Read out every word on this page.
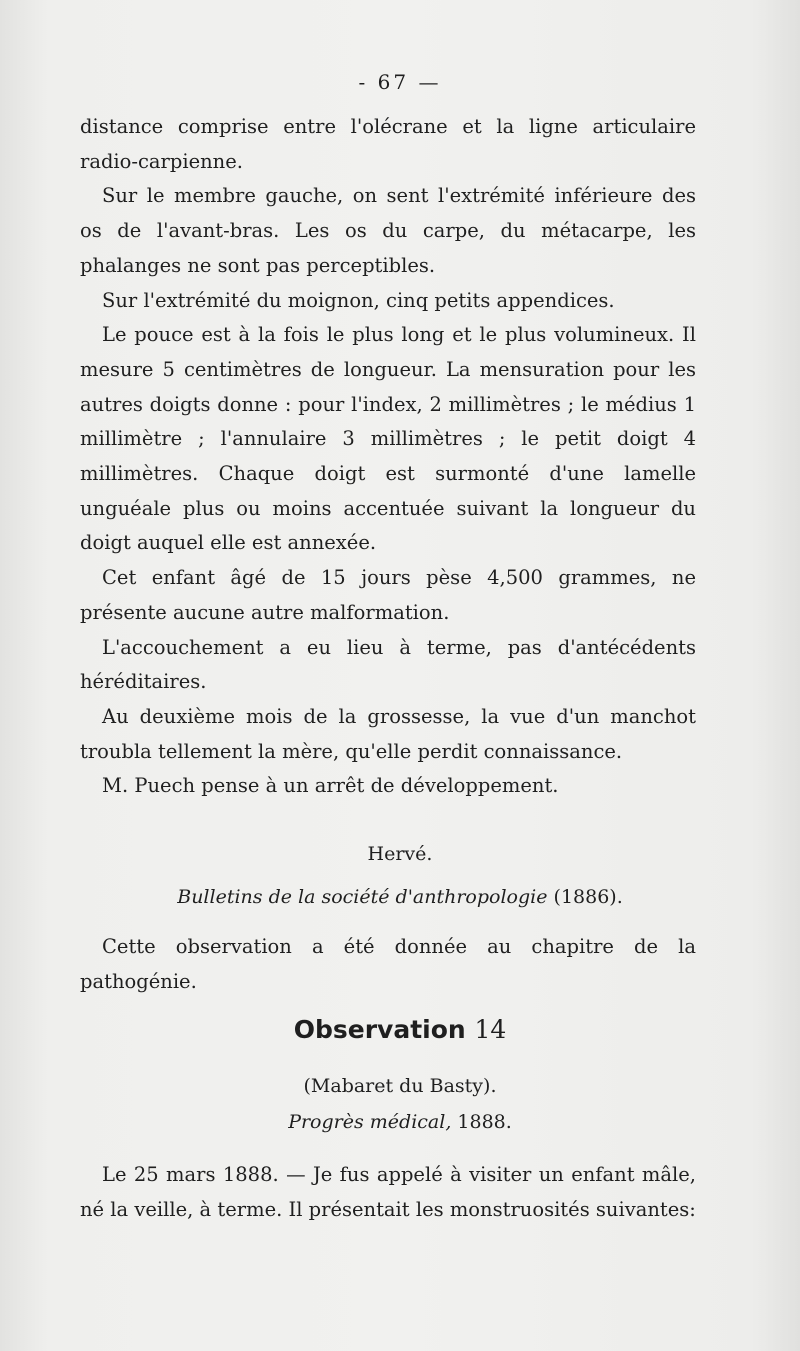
- 67 —

distance comprise entre l'olécrane et la ligne articulaire radio-carpienne.

Sur le membre gauche, on sent l'extrémité inférieure des os de l'avant-bras. Les os du carpe, du métacarpe, les phalanges ne sont pas perceptibles.

Sur l'extrémité du moignon, cinq petits appendices.

Le pouce est à la fois le plus long et le plus volumineux. Il mesure 5 centimètres de longueur. La mensuration pour les autres doigts donne : pour l'index, 2 millimètres ; le médius 1 millimètre ; l'annulaire 3 millimètres ; le petit doigt 4 millimètres. Chaque doigt est surmonté d'une lamelle unguéale plus ou moins accentuée suivant la longueur du doigt auquel elle est annexée.

Cet enfant âgé de 15 jours pèse 4,500 grammes, ne présente aucune autre malformation.

L'accouchement a eu lieu à terme, pas d'antécédents héréditaires.

Au deuxième mois de la grossesse, la vue d'un manchot troubla tellement la mère, qu'elle perdit connaissance.

M. Puech pense à un arrêt de développement.

Hervé.
Bulletins de la société d'anthropologie (1886).

Cette observation a été donnée au chapitre de la pathogénie.

Observation 14
(Mabaret du Basty).
Progrès médical, 1888.

Le 25 mars 1888. — Je fus appelé à visiter un enfant mâle, né la veille, à terme. Il présentait les monstruosités suivantes:
